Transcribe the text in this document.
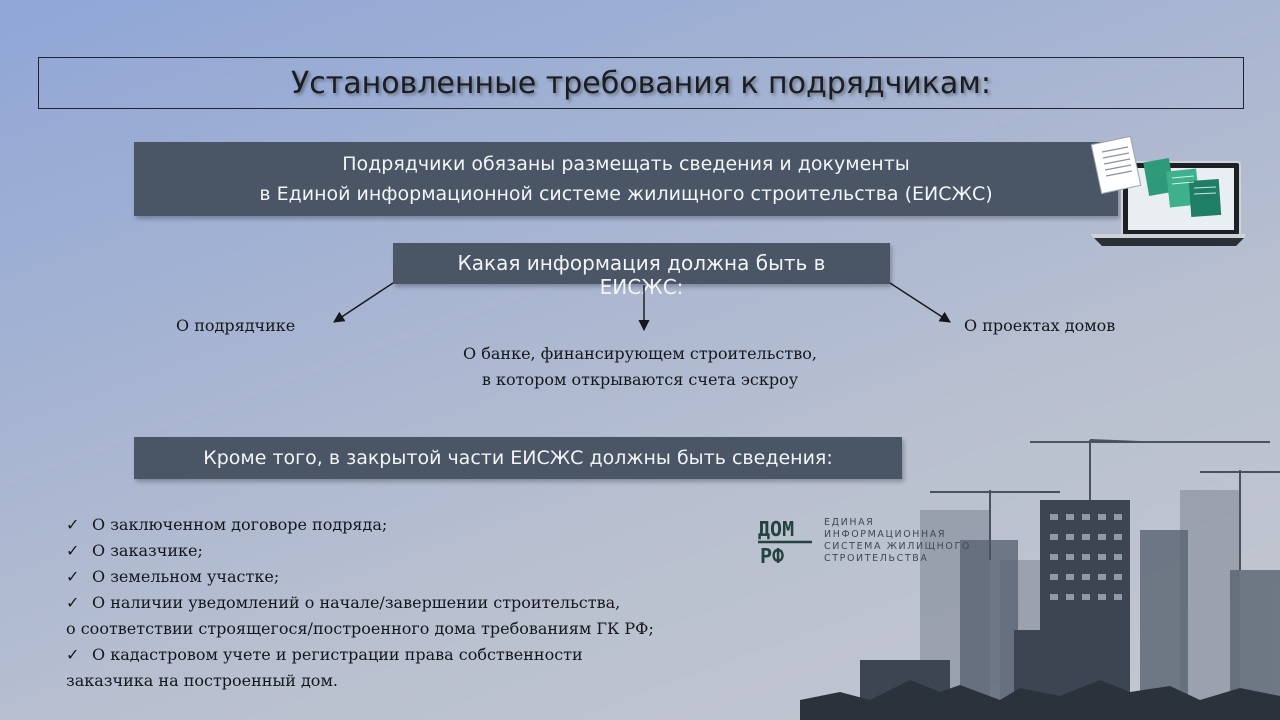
Установленные требования к подрядчикам:
Подрядчики обязаны размещать сведения и документы
в Единой информационной системе жилищного строительства (ЕИСЖС)
Какая информация должна быть в
ЕИСЖС:
О подрядчике	О проектах домов
О банке, финансирующем строительство,
в котором открываются счета эскроу
Кроме того, в закрытой части ЕИСЖС должны быть сведения:
ДОМ
РФ
ЕДИНАЯ
ИНФОРМАЦИОННАЯ
СИСТЕМА ЖИЛИЩНОГО
СТРОИТЕЛЬСТВА
✓ О заключенном договоре подряда;
✓ О заказчике;
✓ О земельном участке;
✓ О наличии уведомлений о начале/завершении строительства,
о соответствии строящегося/построенного дома требованиям ГК РФ;
✓ О кадастровом учете и регистрации права собственности
заказчика на построенный дом.
